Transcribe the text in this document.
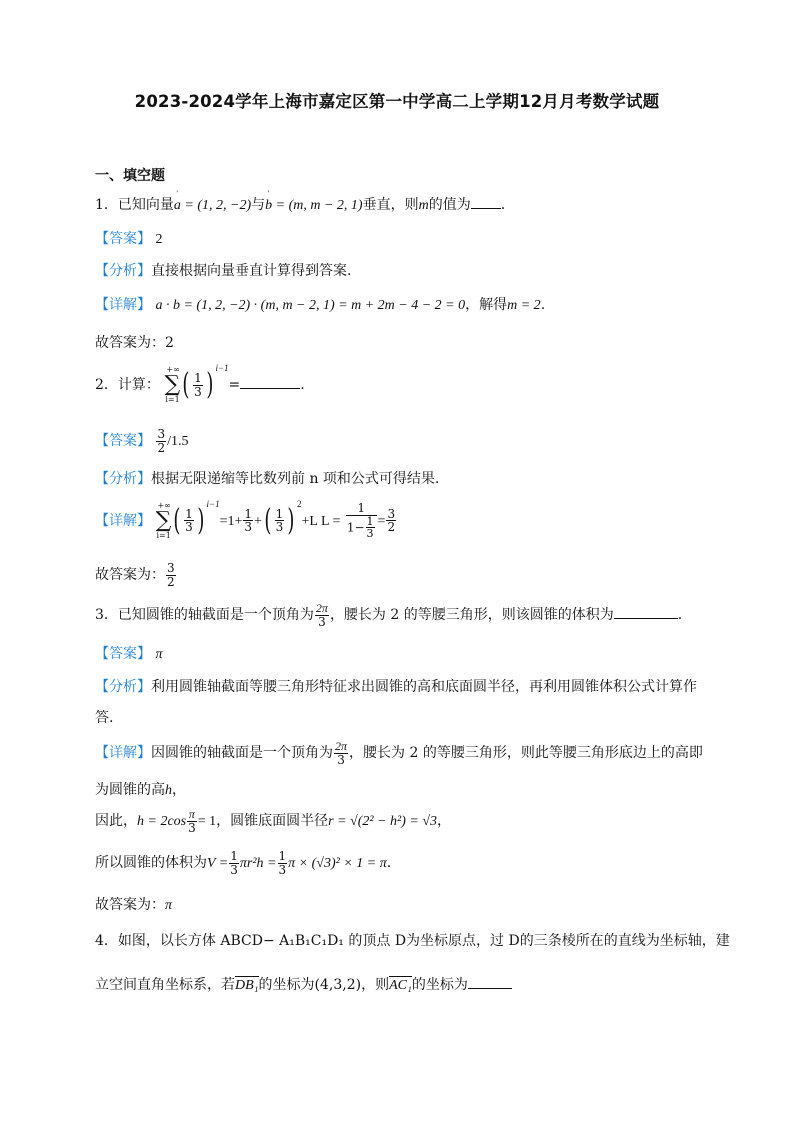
2023-2024学年上海市嘉定区第一中学高二上学期12月月考数学试题
一、填空题
1．已知向量' a = (1, 2, −2)与' b = (m, m − 2, 1)垂直，则m的值为 .
【答案】 2
【分析】直接根据向量垂直计算得到答案.
【详解】 a · b = (1, 2, −2) · (m, m − 2, 1) = m + 2m − 4 − 2 = 0，解得m = 2.
故答案为：2
2．计算： ∑
+∞
i=1 ( $\frac{1}{3}$ ) $^{i-1}$=	.
【答案】 $\frac{3}{2} /1.5$
【分析】根据无限递缩等比数列前 n 项和公式可得结果.
【详解】 ∑
+∞
i=1 ( $\frac{1}{3}$ ) $^{i-1}=1+ \frac{1}{3}$ +( $\frac{1}{3}$ ) $^2$+L $L = \frac{1}{1- \frac{1}{3}} = \frac{3}{2}$
故答案为： $\frac{3}{2}$
3．已知圆锥的轴截面是一个顶角为 $\frac{2\pi}{3}$ ，腰长为 2 的等腰三角形，则该圆锥的体积为	.
【答案】 π
【分析】利用圆锥轴截面等腰三角形特征求出圆锥的高和底面圆半径，再利用圆锥体积公式计算作
答.
【详解】因圆锥的轴截面是一个顶角为 $\frac{2\pi}{3}$ ，腰长为 2 的等腰三角形，则此等腰三角形底边上的高即
为圆锥的高h，
因此，$h = 2\cos \frac{\pi}{3} = 1$，圆锥底面圆半径r = √(2² − h²) = √3，
所以圆锥的体积为$V = \frac{1}{3} \pi r^2h = \frac{1}{3}$ π × (√3)² × 1 = π.
故答案为：π
4．如图，以长方体 ABCD− A₁B₁C₁D₁ 的顶点 D为坐标原点，过 D的三条棱所在的直线为坐标轴，建
立空间直角坐标系，若DB₁的坐标为(4,3,2)，则AC₁的坐标为
